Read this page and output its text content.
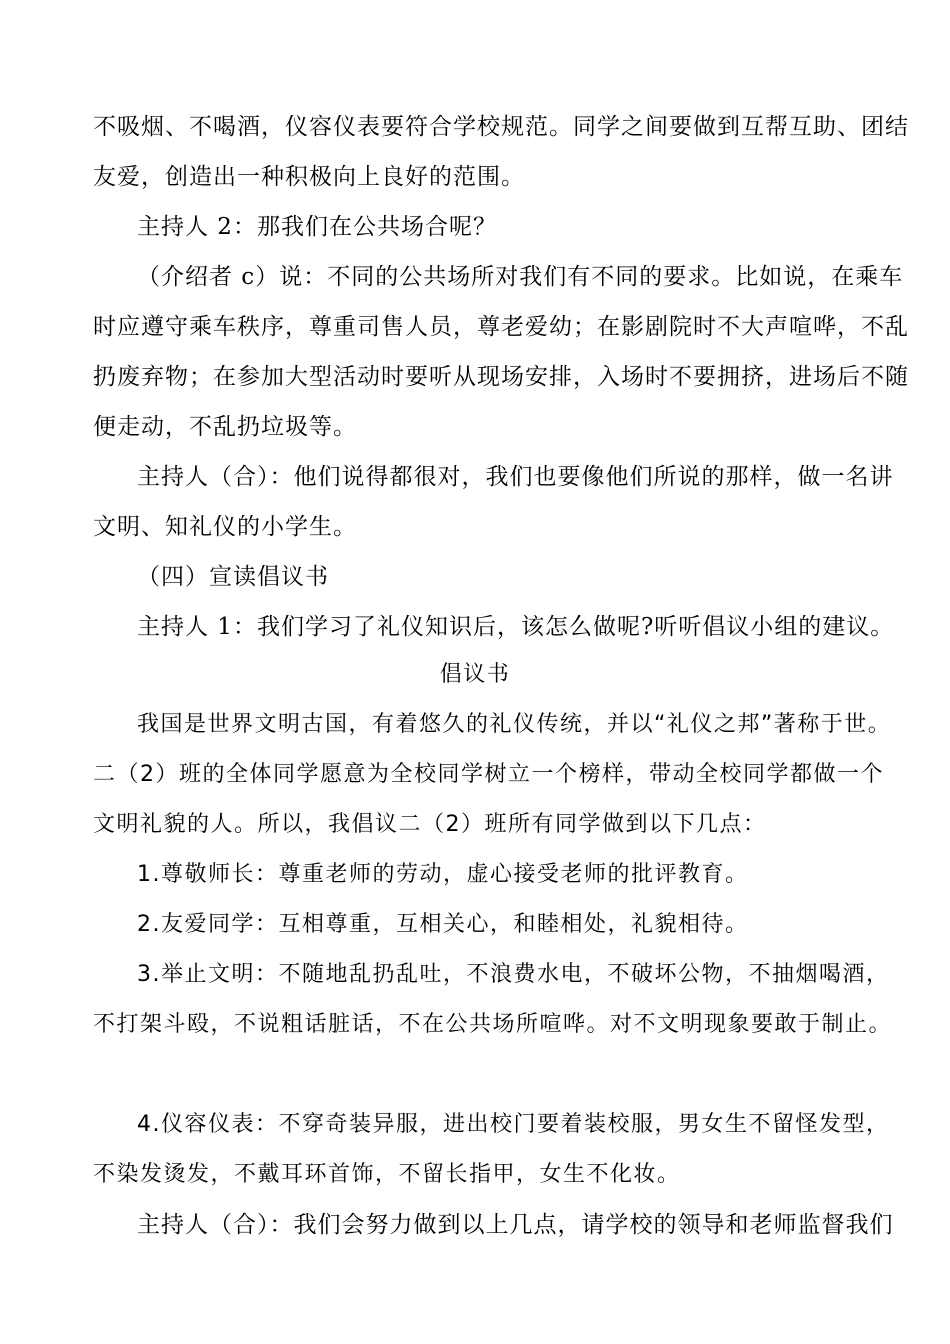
不吸烟、不喝酒，仪容仪表要符合学校规范。同学之间要做到互帮互助、团结
友爱，创造出一种积极向上良好的范围。
主持人 2：那我们在公共场合呢？
（介绍者 c）说：不同的公共场所对我们有不同的要求。比如说，在乘车
时应遵守乘车秩序，尊重司售人员，尊老爱幼；在影剧院时不大声喧哗，不乱
扔废弃物；在参加大型活动时要听从现场安排，入场时不要拥挤，进场后不随
便走动，不乱扔垃圾等。
主持人（合）：他们说得都很对，我们也要像他们所说的那样，做一名讲
文明、知礼仪的小学生。
（四）宣读倡议书
主持人 1：我们学习了礼仪知识后，该怎么做呢?听听倡议小组的建议。
倡议书
我国是世界文明古国，有着悠久的礼仪传统，并以“礼仪之邦”著称于世。
二（2）班的全体同学愿意为全校同学树立一个榜样，带动全校同学都做一个
文明礼貌的人。所以，我倡议二（2）班所有同学做到以下几点：
1.尊敬师长：尊重老师的劳动，虚心接受老师的批评教育。
2.友爱同学：互相尊重，互相关心，和睦相处，礼貌相待。
3.举止文明：不随地乱扔乱吐，不浪费水电，不破坏公物，不抽烟喝酒，
不打架斗殴，不说粗话脏话，不在公共场所喧哗。对不文明现象要敢于制止。
4.仪容仪表：不穿奇装异服，进出校门要着装校服，男女生不留怪发型，
不染发烫发，不戴耳环首饰，不留长指甲，女生不化妆。
主持人（合）：我们会努力做到以上几点，请学校的领导和老师监督我们
